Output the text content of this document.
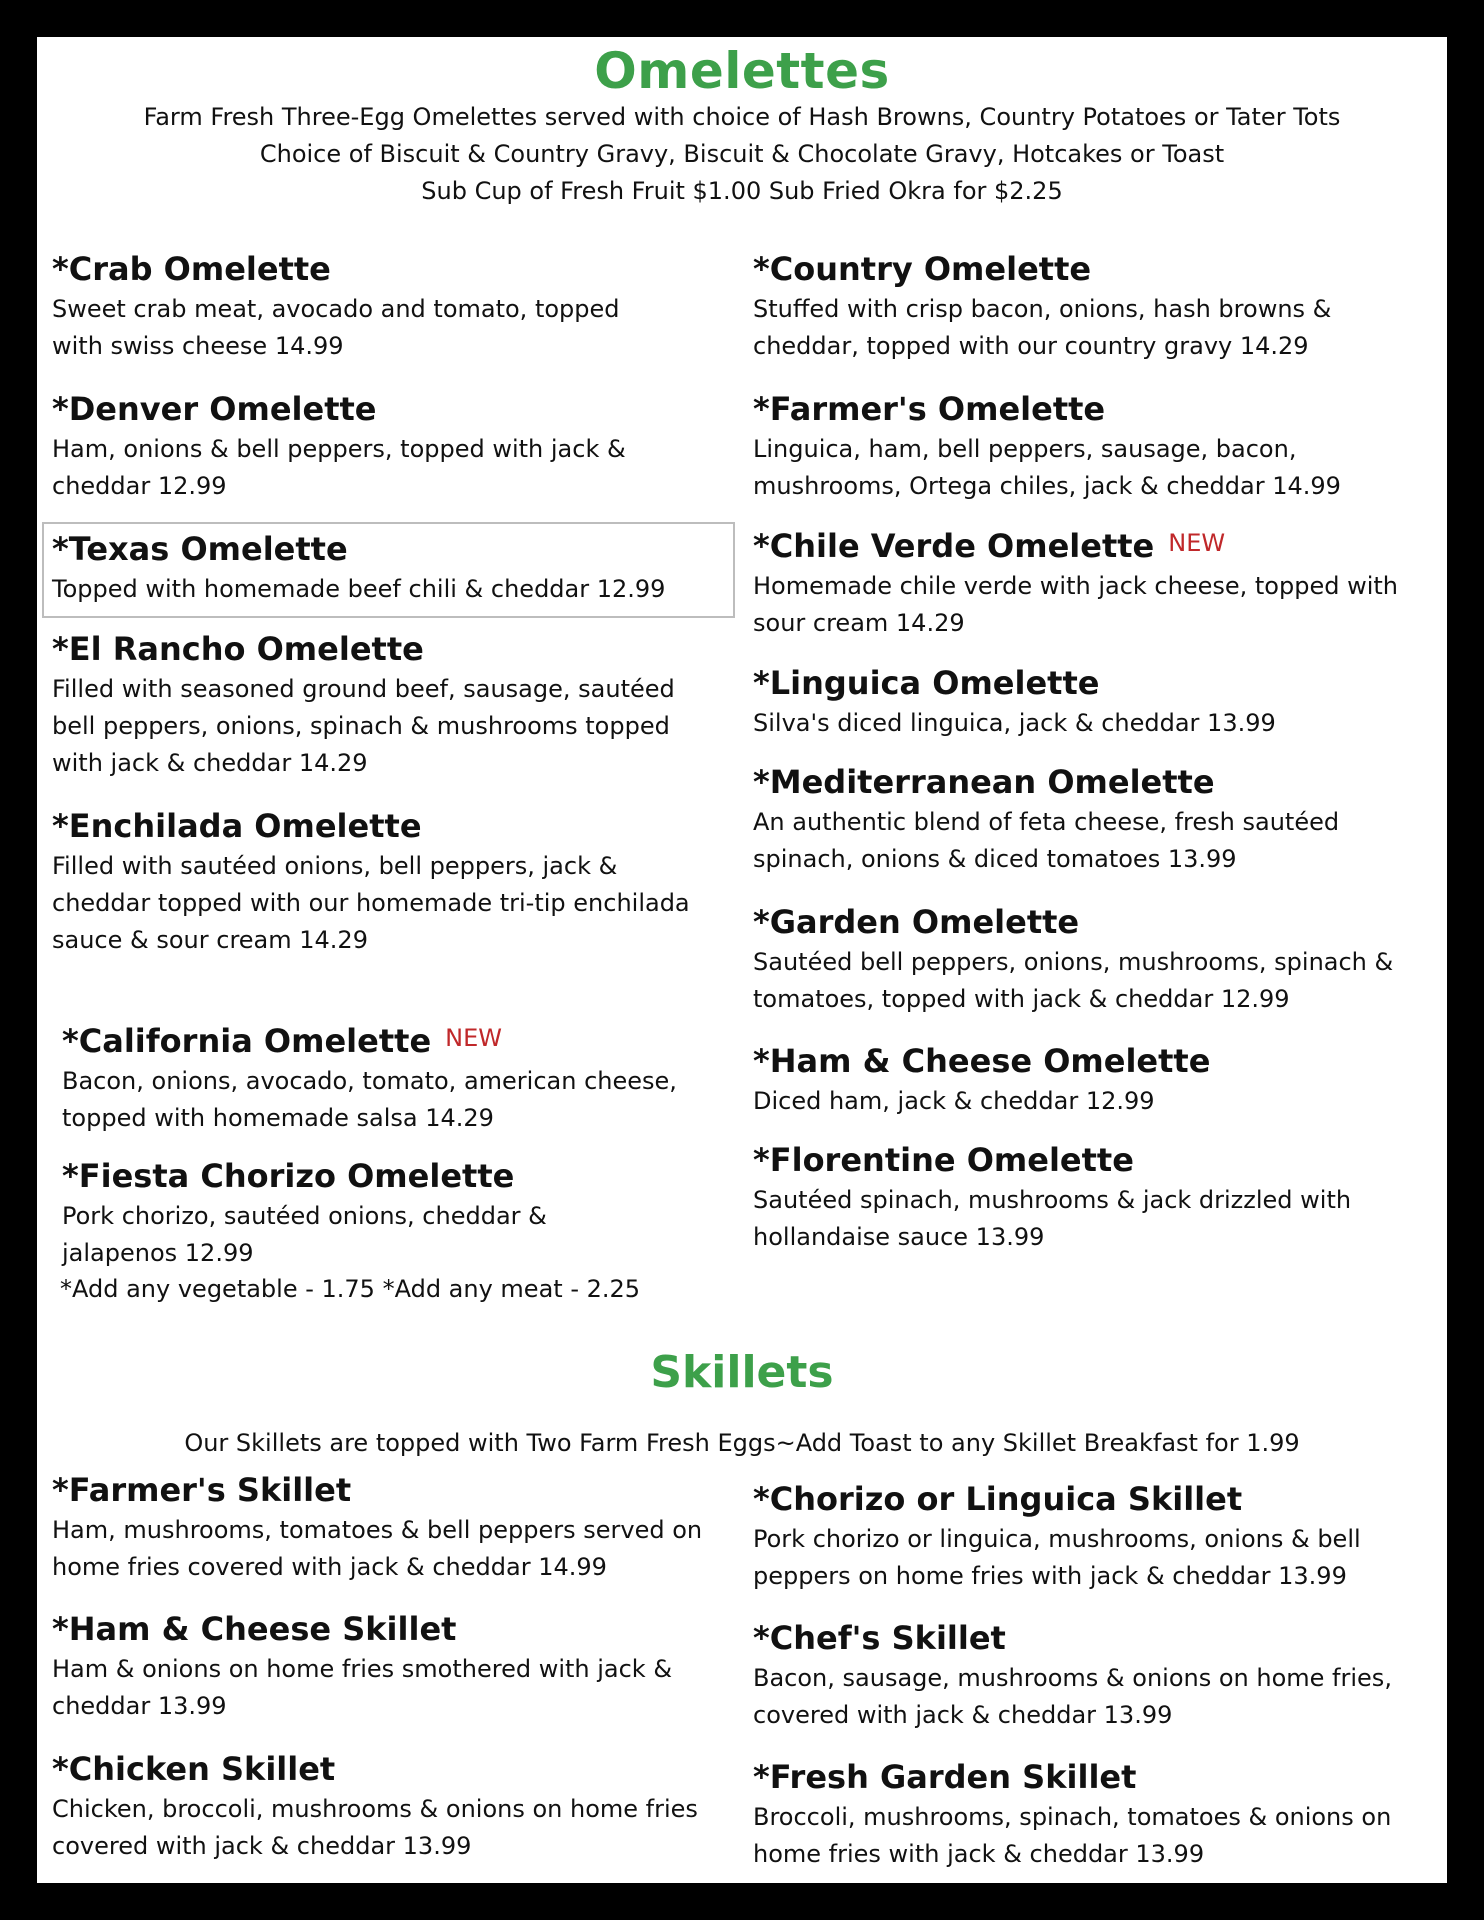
Omelettes
Farm Fresh Three-Egg Omelettes served with choice of Hash Browns, Country Potatoes or Tater Tots
Choice of Biscuit & Country Gravy, Biscuit & Chocolate Gravy, Hotcakes or Toast
Sub Cup of Fresh Fruit $1.00 Sub Fried Okra for $2.25
*Crab Omelette
Sweet crab meat, avocado and tomato, topped
with swiss cheese 14.99
*Denver Omelette
Ham, onions & bell peppers, topped with jack &
cheddar 12.99
*Texas Omelette
Topped with homemade beef chili & cheddar 12.99
*El Rancho Omelette
Filled with seasoned ground beef, sausage, sautéed
bell peppers, onions, spinach & mushrooms topped
with jack & cheddar 14.29
*Enchilada Omelette
Filled with sautéed onions, bell peppers, jack &
cheddar topped with our homemade tri-tip enchilada
sauce & sour cream 14.29
*California Omelette NEW
Bacon, onions, avocado, tomato, american cheese,
topped with homemade salsa 14.29
*Fiesta Chorizo Omelette
Pork chorizo, sautéed onions, cheddar &
jalapenos 12.99
*Add any vegetable - 1.75 *Add any meat - 2.25
*Country Omelette
Stuffed with crisp bacon, onions, hash browns &
cheddar, topped with our country gravy 14.29
*Farmer's Omelette
Linguica, ham, bell peppers, sausage, bacon,
mushrooms, Ortega chiles, jack & cheddar 14.99
*Chile Verde Omelette NEW
Homemade chile verde with jack cheese, topped with
sour cream 14.29
*Linguica Omelette
Silva's diced linguica, jack & cheddar 13.99
*Mediterranean Omelette
An authentic blend of feta cheese, fresh sautéed
spinach, onions & diced tomatoes 13.99
*Garden Omelette
Sautéed bell peppers, onions, mushrooms, spinach &
tomatoes, topped with jack & cheddar 12.99
*Ham & Cheese Omelette
Diced ham, jack & cheddar 12.99
*Florentine Omelette
Sautéed spinach, mushrooms & jack drizzled with
hollandaise sauce 13.99
Skillets
Our Skillets are topped with Two Farm Fresh Eggs~Add Toast to any Skillet Breakfast for 1.99
*Farmer's Skillet
Ham, mushrooms, tomatoes & bell peppers served on
home fries covered with jack & cheddar 14.99
*Ham & Cheese Skillet
Ham & onions on home fries smothered with jack &
cheddar 13.99
*Chicken Skillet
Chicken, broccoli, mushrooms & onions on home fries
covered with jack & cheddar 13.99
*Chorizo or Linguica Skillet
Pork chorizo or linguica, mushrooms, onions & bell
peppers on home fries with jack & cheddar 13.99
*Chef's Skillet
Bacon, sausage, mushrooms & onions on home fries,
covered with jack & cheddar 13.99
*Fresh Garden Skillet
Broccoli, mushrooms, spinach, tomatoes & onions on
home fries with jack & cheddar 13.99
